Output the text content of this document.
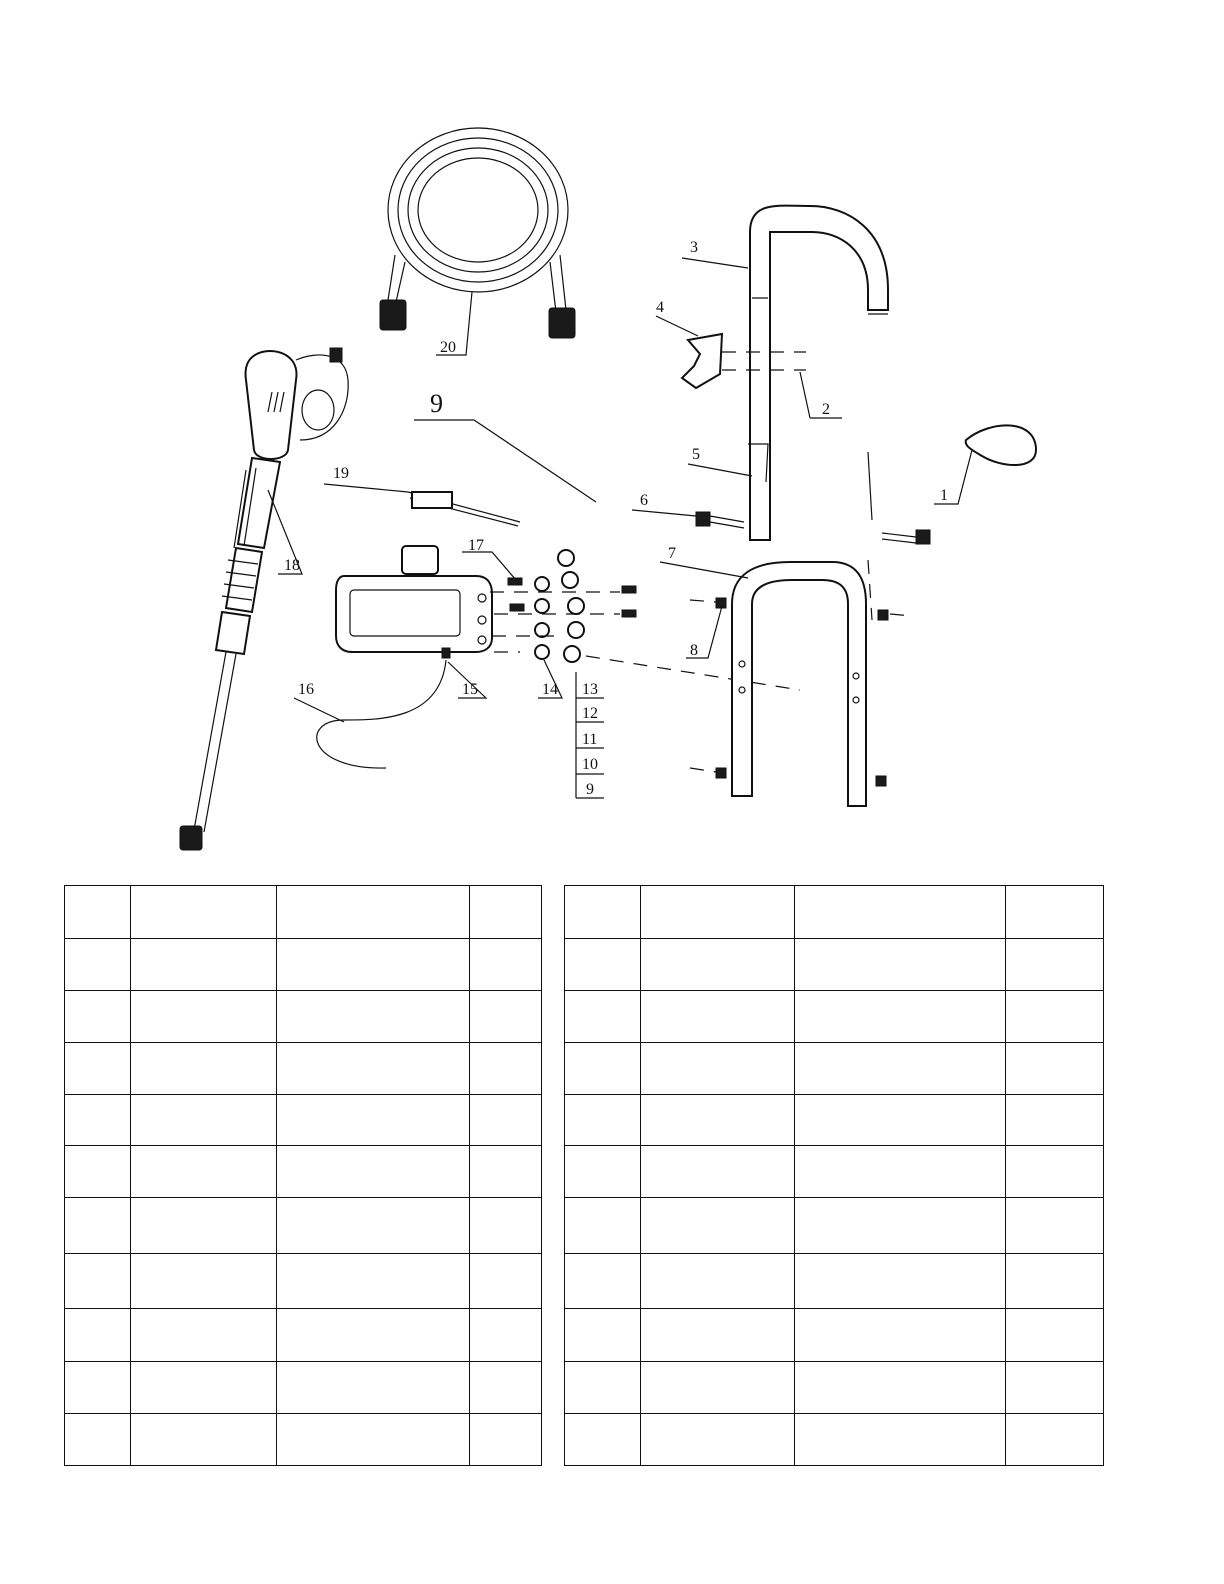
3
4
2
5
1
6
7
8
9
20
19
18
17
16	15	14 13
12
11
10
9
